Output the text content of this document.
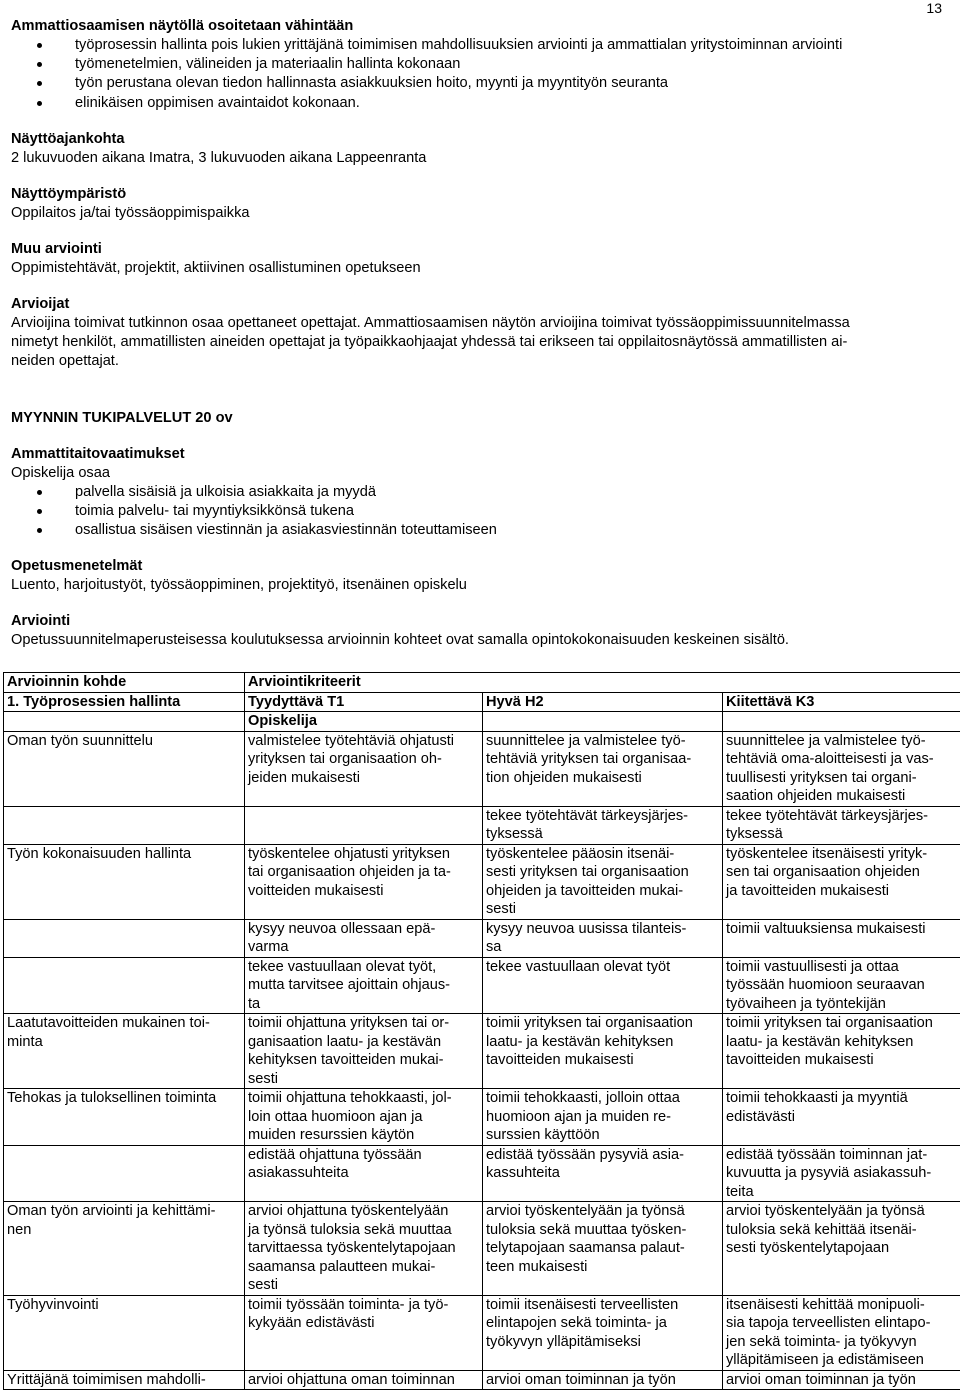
13

Ammattiosaamisen näytöllä osoitetaan vähintään

työprosessin hallinta pois lukien yrittäjänä toimimisen mahdollisuuksien arviointi ja ammattialan yritystoiminnan arviointi
työmenetelmien, välineiden ja materiaalin hallinta kokonaan
työn perustana olevan tiedon hallinnasta asiakkuuksien hoito, myynti ja myyntityön seuranta
elinikäisen oppimisen avaintaidot kokonaan.

Näyttöajankohta

2 lukuvuoden aikana Imatra, 3 lukuvuoden aikana Lappeenranta

Näyttöympäristö

Oppilaitos ja/tai työssäoppimispaikka

Muu arviointi

Oppimistehtävät, projektit, aktiivinen osallistuminen opetukseen

Arvioijat

Arvioijina toimivat tutkinnon osaa opettaneet opettajat. Ammattiosaamisen näytön arvioijina toimivat työssäoppimissuunnitelmassa

nimetyt henkilöt, ammatillisten aineiden opettajat ja työpaikkaohjaajat yhdessä tai erikseen tai oppilaitosnäytössä ammatillisten ai-

neiden opettajat.

MYYNNIN TUKIPALVELUT 20 ov

Ammattitaitovaatimukset

Opiskelija osaa

palvella sisäisiä ja ulkoisia asiakkaita ja myydä
toimia palvelu- tai myyntiyksikkönsä tukena
osallistua sisäisen viestinnän ja asiakasviestinnän toteuttamiseen

Opetusmenetelmät

Luento, harjoitustyöt, työssäoppiminen, projektityö, itsenäinen opiskelu

Arviointi

Opetussuunnitelmaperusteisessa koulutuksessa arvioinnin kohteet ovat samalla opintokokonaisuuden keskeinen sisältö.

Arvioinnin kohde	Arviointikriteerit		
1. Työprosessien hallinta	Tyydyttävä T1	Hyvä H2	Kiitettävä K3
	Opiskelija		
Oman työn suunnittelu	valmistelee työtehtäviä ohjatusti
yrityksen tai organisaation oh-
jeiden mukaisesti	suunnittelee ja valmistelee työ-
tehtäviä yrityksen tai organisaa-
tion ohjeiden mukaisesti	suunnittelee ja valmistelee työ-
tehtäviä oma-aloitteisesti ja vas-
tuullisesti yrityksen tai organi-
saation ohjeiden mukaisesti
		tekee työtehtävät tärkeysjärjes-
tyksessä	tekee työtehtävät tärkeysjärjes-
tyksessä
Työn kokonaisuuden hallinta	työskentelee ohjatusti yrityksen
tai organisaation ohjeiden ja ta-
voitteiden mukaisesti	työskentelee pääosin itsenäi-
sesti yrityksen tai organisaation
ohjeiden ja tavoitteiden mukai-
sesti	työskentelee itsenäisesti yrityk-
sen tai organisaation ohjeiden
ja tavoitteiden mukaisesti
	kysyy neuvoa ollessaan epä-
varma	kysyy neuvoa uusissa tilanteis-
sa	toimii valtuuksiensa mukaisesti
	tekee vastuullaan olevat työt,
mutta tarvitsee ajoittain ohjaus-
ta	tekee vastuullaan olevat työt	toimii vastuullisesti ja ottaa
työssään huomioon seuraavan
työvaiheen ja työntekijän
Laatutavoitteiden mukainen toi-
minta	toimii ohjattuna yrityksen tai or-
ganisaation laatu- ja kestävän
kehityksen tavoitteiden mukai-
sesti	toimii yrityksen tai organisaation
laatu- ja kestävän kehityksen
tavoitteiden mukaisesti	toimii yrityksen tai organisaation
laatu- ja kestävän kehityksen
tavoitteiden mukaisesti
Tehokas ja tuloksellinen toiminta	toimii ohjattuna tehokkaasti, jol-
loin ottaa huomioon ajan ja
muiden resurssien käytön	toimii tehokkaasti, jolloin ottaa
huomioon ajan ja muiden re-
surssien käyttöön	toimii tehokkaasti ja myyntiä
edistävästi
	edistää ohjattuna työssään
asiakassuhteita	edistää työssään pysyviä asia-
kassuhteita	edistää työssään toiminnan jat-
kuvuutta ja pysyviä asiakassuh-
teita
Oman työn arviointi ja kehittämi-
nen	arvioi ohjattuna työskentelyään
ja työnsä tuloksia sekä muuttaa
tarvittaessa työskentelytapojaan
saamansa palautteen mukai-
sesti	arvioi työskentelyään ja työnsä
tuloksia sekä muuttaa työsken-
telytapojaan saamansa palaut-
teen mukaisesti	arvioi työskentelyään ja työnsä
tuloksia sekä kehittää itsenäi-
sesti työskentelytapojaan
Työhyvinvointi	toimii työssään toiminta- ja työ-
kykyään edistävästi	toimii itsenäisesti terveellisten
elintapojen sekä toiminta- ja
työkyvyn ylläpitämiseksi	itsenäisesti kehittää monipuoli-
sia tapoja terveellisten elintapo-
jen sekä toiminta- ja työkyvyn
ylläpitämiseen ja edistämiseen
Yrittäjänä toimimisen mahdolli-	arvioi ohjattuna oman toiminnan	arvioi oman toiminnan ja työn	arvioi oman toiminnan ja työn
